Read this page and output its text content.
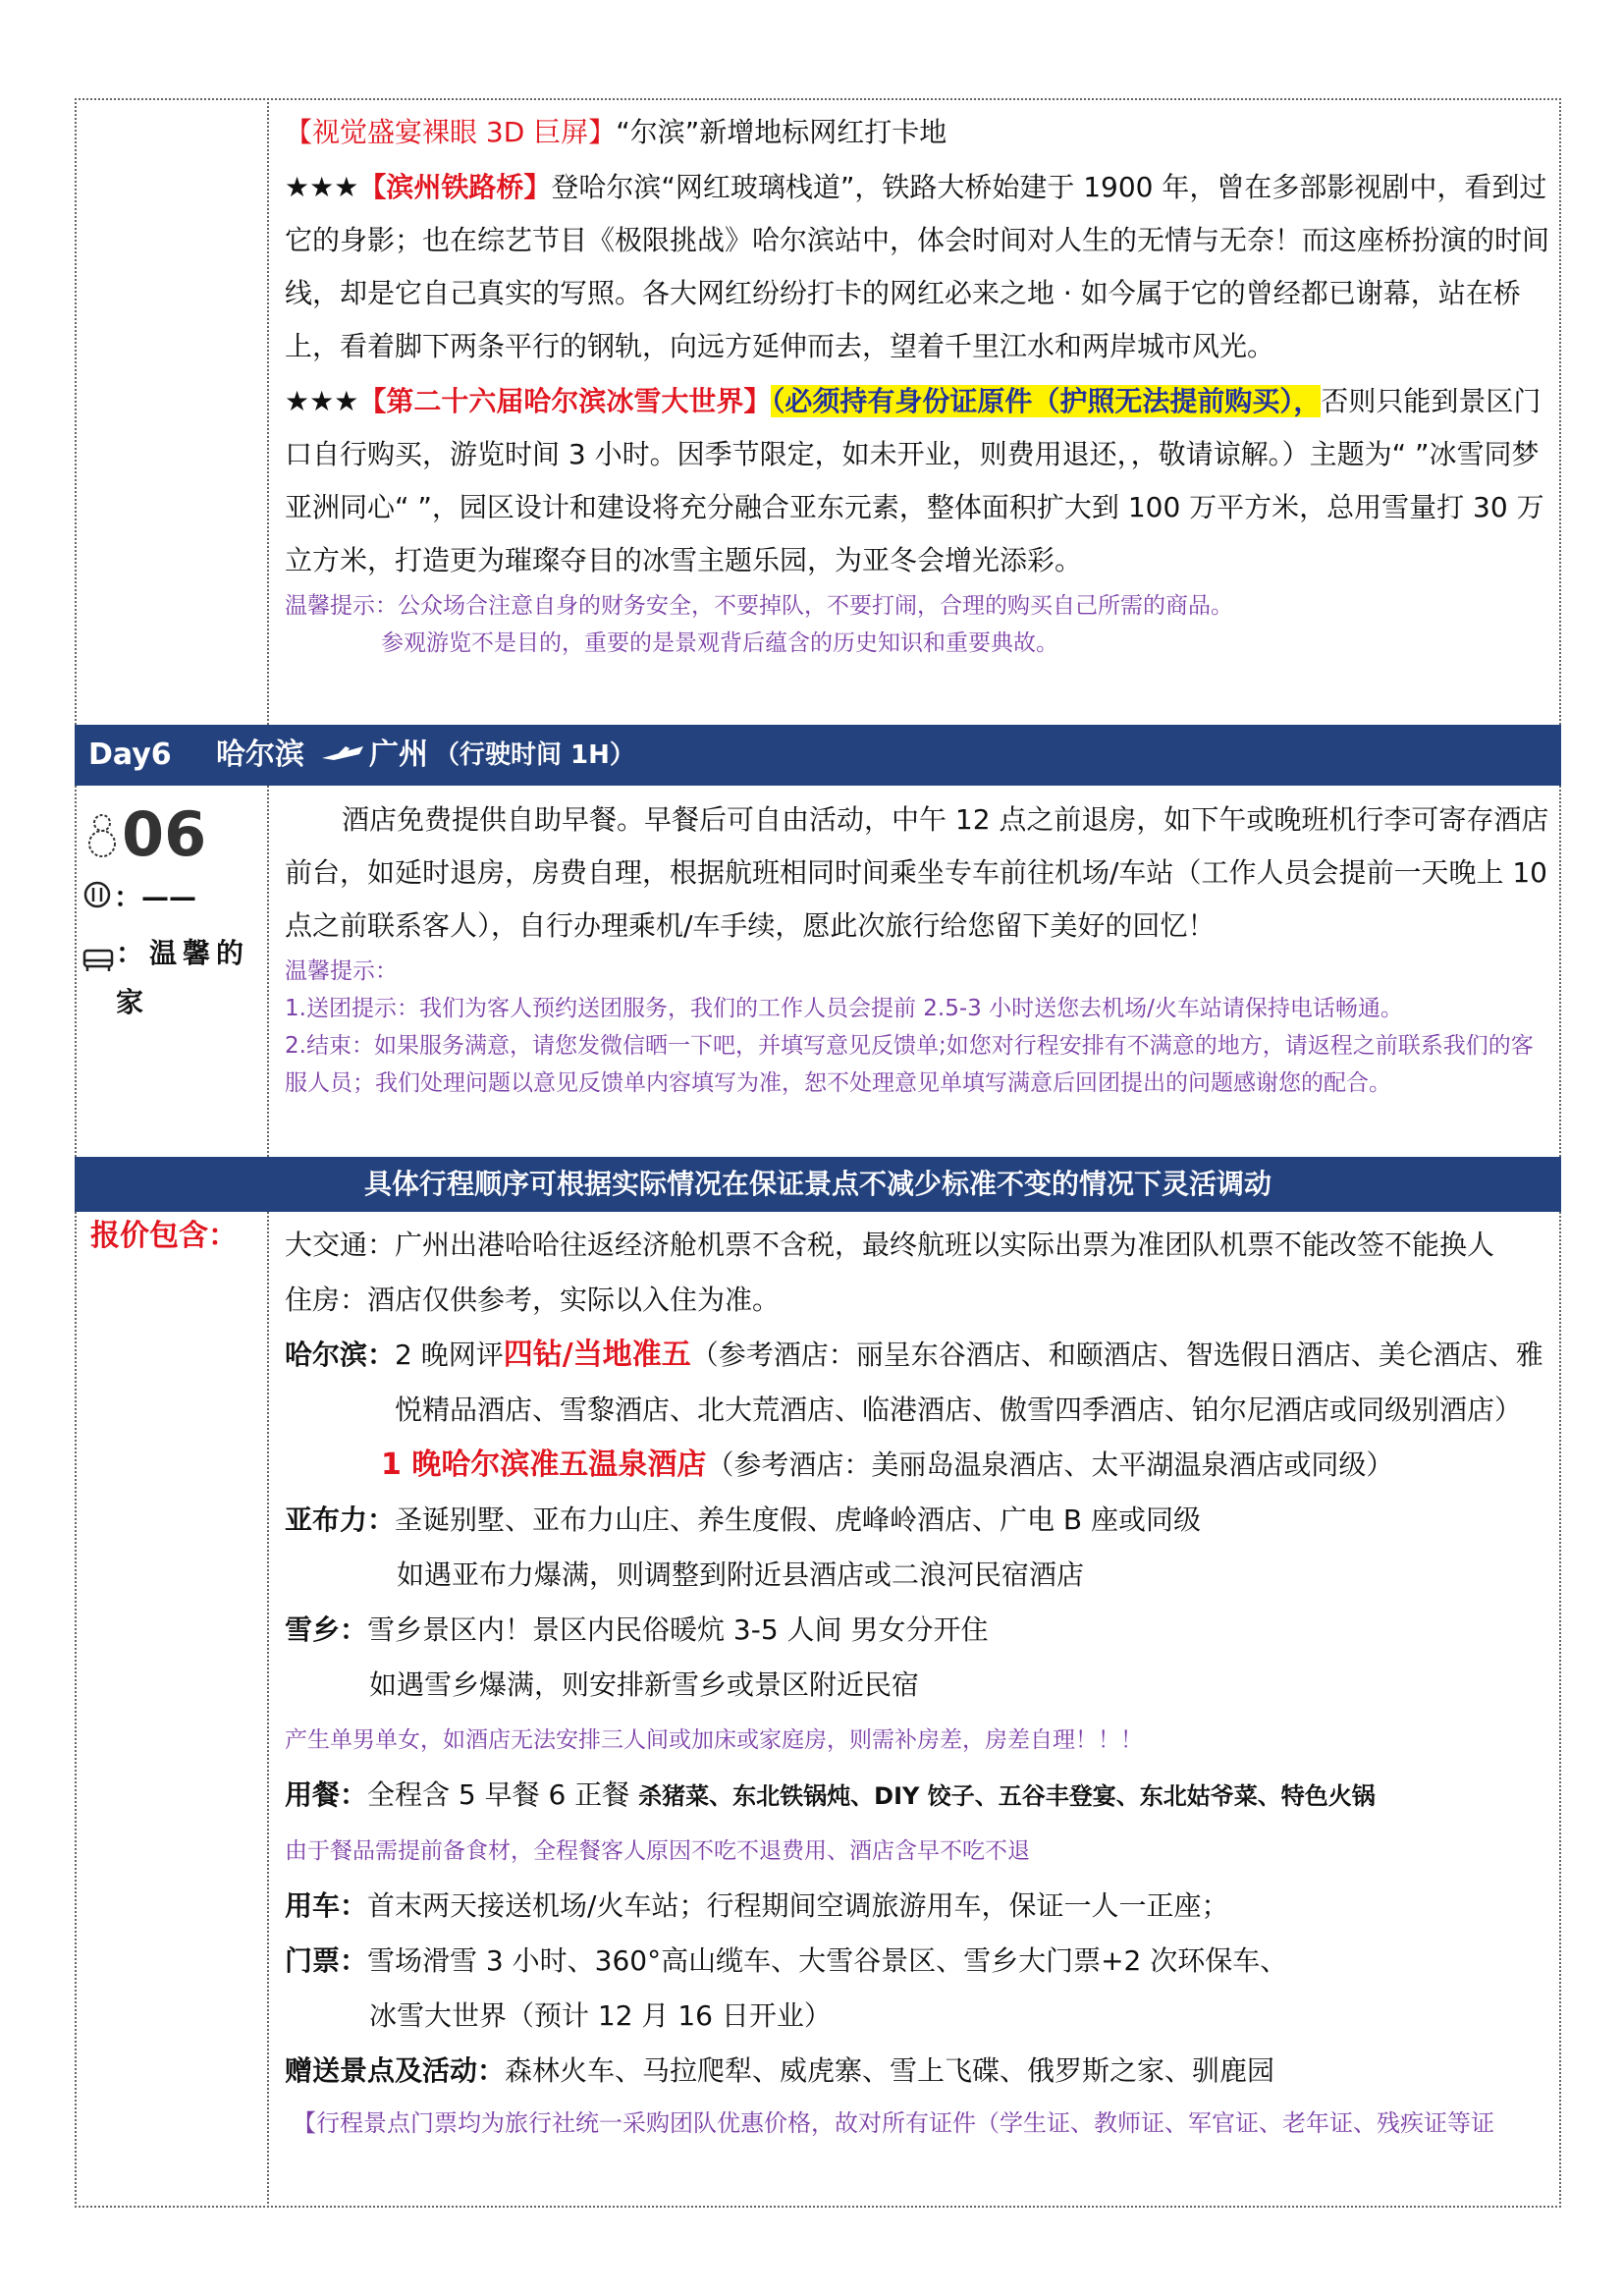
【视觉盛宴裸眼 3D 巨屏】“尔滨”新增地标网红打卡地

★★★【滨州铁路桥】登哈尔滨“网红玻璃栈道”，铁路大桥始建于 1900 年，曾在多部影视剧中，看到过它的身影；也在综艺节目《极限挑战》哈尔滨站中，体会时间对人生的无情与无奈！而这座桥扮演的时间线，却是它自己真实的写照。各大网红纷纷打卡的网红必来之地 · 如今属于它的曾经都已谢幕，站在桥上，看着脚下两条平行的钢轨，向远方延伸而去，望着千里江水和两岸城市风光。

★★★【第二十六届哈尔滨冰雪大世界】（必须持有身份证原件（护照无法提前购买），否则只能到景区门口自行购买，游览时间 3 小时。因季节限定，如未开业，则费用退还，，敬请谅解。）主题为“ ”冰雪同梦 亚洲同心“ ”，园区设计和建设将充分融合亚东元素，整体面积扩大到 100 万平方米，总用雪量打 30 万立方米，打造更为璀璨夺目的冰雪主题乐园，为亚冬会增光添彩。

温馨提示：公众场合注意自身的财务安全，不要掉队，不要打闹，合理的购买自己所需的商品。

参观游览不是目的，重要的是景观背后蕴含的历史知识和重要典故。

Day6 哈尔滨 广州 （行驶时间 1H）
06
：——
：温馨的家

酒店免费提供自助早餐。早餐后可自由活动，中午 12 点之前退房，如下午或晚班机行李可寄存酒店前台，如延时退房，房费自理，根据航班相同时间乘坐专车前往机场/车站（工作人员会提前一天晚上 10 点之前联系客人），自行办理乘机/车手续，愿此次旅行给您留下美好的回忆！

温馨提示：

1.送团提示：我们为客人预约送团服务，我们的工作人员会提前 2.5-3 小时送您去机场/火车站请保持电话畅通。

2.结束：如果服务满意，请您发微信晒一下吧，并填写意见反馈单;如您对行程安排有不满意的地方，请返程之前联系我们的客服人员；我们处理问题以意见反馈单内容填写为准，恕不处理意见单填写满意后回团提出的问题感谢您的配合。

具体行程顺序可根据实际情况在保证景点不减少标准不变的情况下灵活调动
报价包含： 大交通：广州出港哈哈往返经济舱机票不含税，最终航班以实际出票为准团队机票不能改签不能换人

住房：酒店仅供参考，实际以入住为准。

哈尔滨： 2 晚网评四钻/当地准五（参考酒店：丽呈东谷酒店、和颐酒店、智选假日酒店、美仑酒店、雅悦精品酒店、雪黎酒店、北大荒酒店、临港酒店、傲雪四季酒店、铂尔尼酒店或同级别酒店）

1 晚哈尔滨准五温泉酒店（参考酒店：美丽岛温泉酒店、太平湖温泉酒店或同级）

亚布力：圣诞别墅、亚布力山庄、养生度假、虎峰岭酒店、广电 B 座或同级

如遇亚布力爆满，则调整到附近县酒店或二浪河民宿酒店

雪乡：雪乡景区内！景区内民俗暖炕 3-5 人间 男女分开住

如遇雪乡爆满，则安排新雪乡或景区附近民宿

产生单男单女，如酒店无法安排三人间或加床或家庭房，则需补房差，房差自理！！！

用餐：全程含 5 早餐 6 正餐 杀猪菜、东北铁锅炖、DIY 饺子、五谷丰登宴、东北姑爷菜、特色火锅

由于餐品需提前备食材，全程餐客人原因不吃不退费用、酒店含早不吃不退

用车：首末两天接送机场/火车站；行程期间空调旅游用车，保证一人一正座；

门票：雪场滑雪 3 小时、360°高山缆车、大雪谷景区、雪乡大门票+2 次环保车、

冰雪大世界（预计 12 月 16 日开业）

赠送景点及活动：森林火车、马拉爬犁、威虎寨、雪上飞碟、俄罗斯之家、驯鹿园

【行程景点门票均为旅行社统一采购团队优惠价格，故对所有证件（学生证、教师证、军官证、老年证、残疾证等证
